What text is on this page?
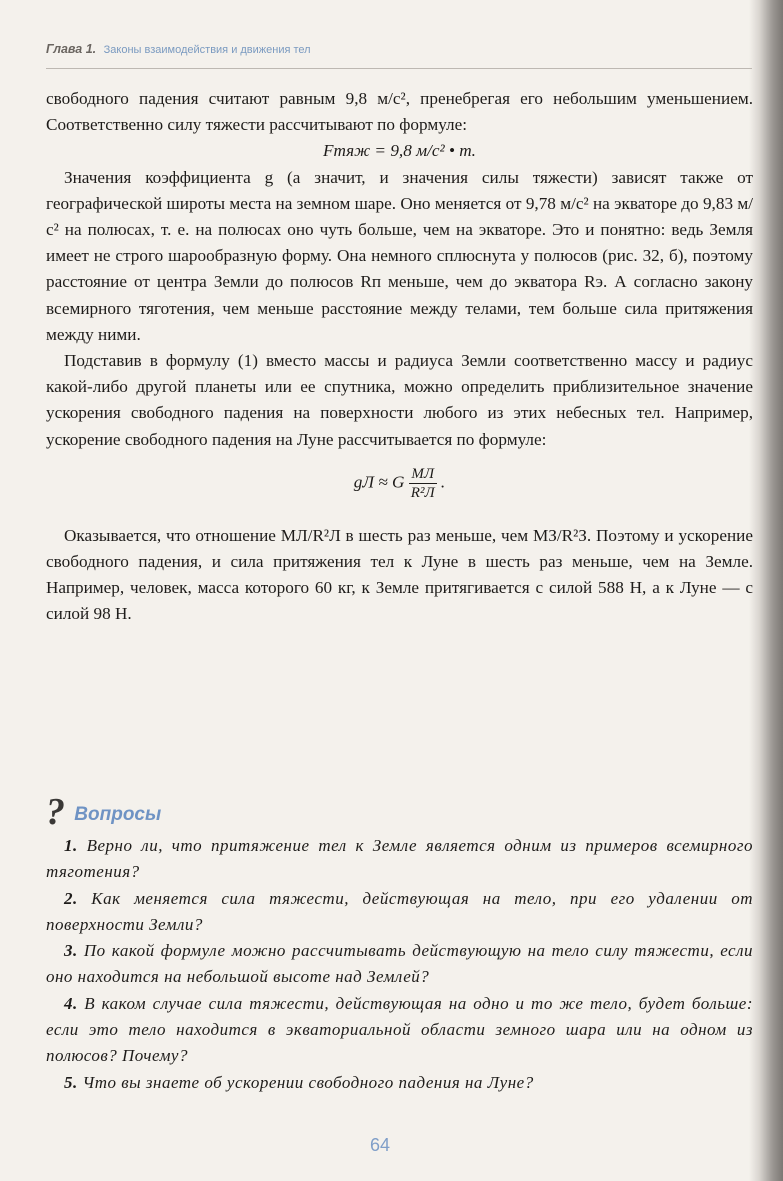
Глава 1. Законы взаимодействия и движения тел

свободного падения считают равным 9,8 м/с², пренебрегая его небольшим уменьшением. Соответственно силу тяжести рассчитывают по формуле:

Fтяж = 9,8 м/с² • m.

Значения коэффициента g (а значит, и значения силы тяжести) зависят также от географической широты места на земном шаре. Оно меняется от 9,78 м/с² на экваторе до 9,83 м/с² на полюсах, т. е. на полюсах оно чуть больше, чем на экваторе. Это и понятно: ведь Земля имеет не строго шарообразную форму. Она немного сплюснута у полюсов (рис. 32, б), поэтому расстояние от центра Земли до полюсов Rп меньше, чем до экватора Rэ. А согласно закону всемирного тяготения, чем меньше расстояние между телами, тем больше сила притяжения между ними.

Подставив в формулу (1) вместо массы и радиуса Земли соответственно массу и радиус какой-либо другой планеты или ее спутника, можно определить приблизительное значение ускорения свободного падения на поверхности любого из этих небесных тел. Например, ускорение свободного падения на Луне рассчитывается по формуле:

gЛ ≈ G $\frac{MЛ}{\text{R²Л}}$ .

Оказывается, что отношение MЛ/R²Л в шесть раз меньше, чем MЗ/R²З. Поэтому и ускорение свободного падения, и сила притяжения тел к Луне в шесть раз меньше, чем на Земле. Например, человек, масса которого 60 кг, к Земле притягивается с силой 588 Н, а к Луне — с силой 98 Н.

? Вопросы

1. Верно ли, что притяжение тел к Земле является одним из примеров всемирного тяготения?

2. Как меняется сила тяжести, действующая на тело, при его удалении от поверхности Земли?

3. По какой формуле можно рассчитывать действующую на тело силу тяжести, если оно находится на небольшой высоте над Землей?

4. В каком случае сила тяжести, действующая на одно и то же тело, будет больше: если это тело находится в экваториальной области земного шара или на одном из полюсов? Почему?

5. Что вы знаете об ускорении свободного падения на Луне?

64
